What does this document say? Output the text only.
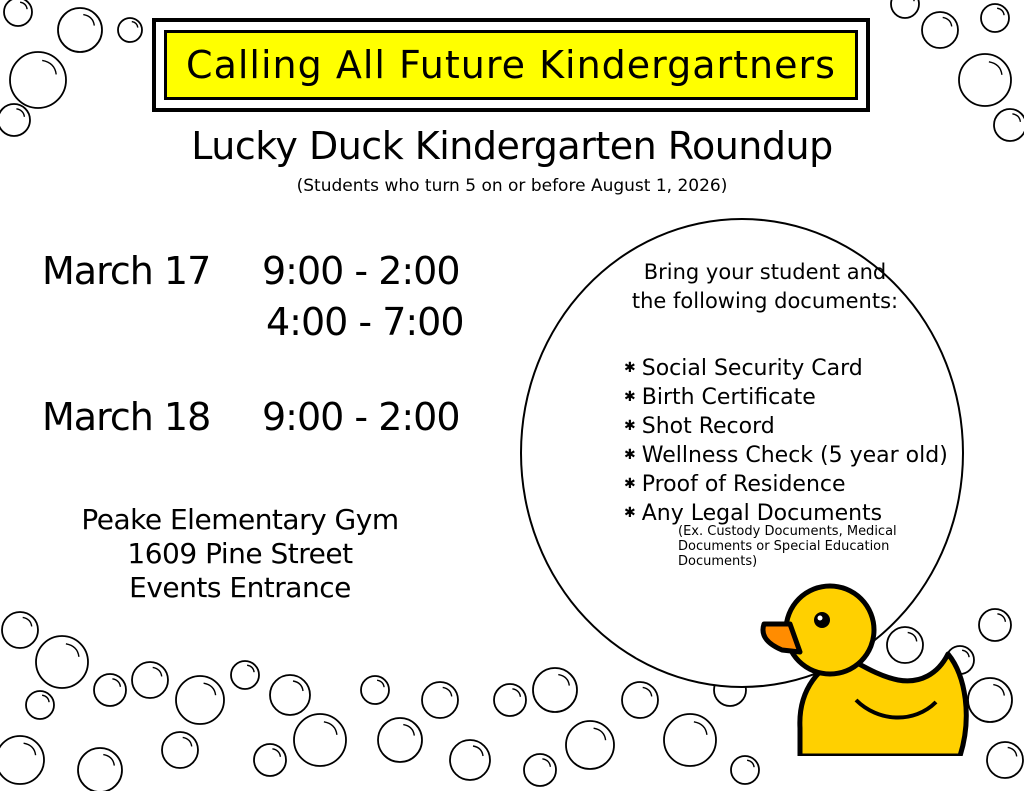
Calling All Future Kindergartners
Lucky Duck Kindergarten Roundup
(Students who turn 5 on or before August 1, 2026)
March 17 9:00 - 2:00
4:00 - 7:00
March 18 9:00 - 2:00
Peake Elementary Gym
1609 Pine Street
Events Entrance
Bring your student and
the following documents:
✱ Social Security Card
✱ Birth Certificate
✱ Shot Record
✱ Wellness Check (5 year old)
✱ Proof of Residence
✱ Any Legal Documents
(Ex. Custody Documents, Medical Documents or Special Education Documents)
